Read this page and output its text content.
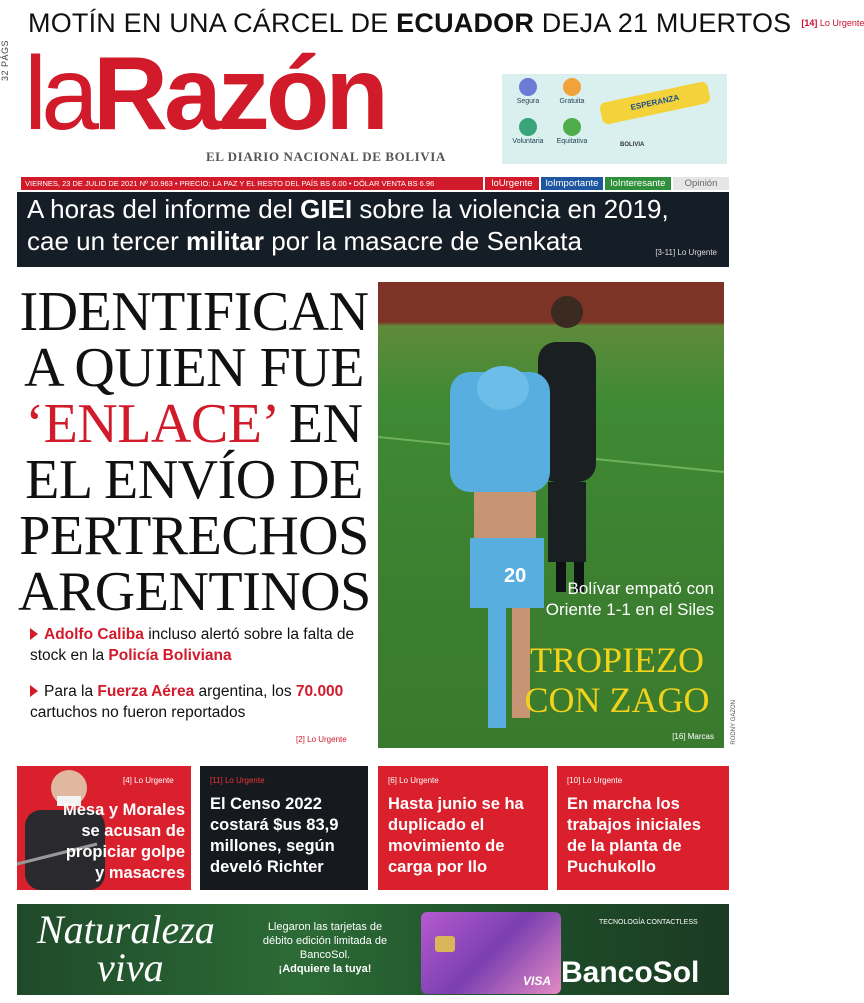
MOTÍN EN UNA CÁRCEL DE ECUADOR DEJA 21 MUERTOS [14] Lo Urgente
32 PÁGS laRazón
EL DIARIO NACIONAL DE BOLIVIA
Segura	Gratuita
Voluntaria	Equitativa
ESPERANZA
BOLIVIA
VIERNES, 23 DE JULIO DE 2021 Nº 10.963 • PRECIO: LA PAZ Y EL RESTO DEL PAÍS BS 6.00 • DÓLAR VENTA BS 6.96	loUrgente	loImportante	loInteresante	Opinión
A horas del informe del GIEI sobre la violencia en 2019,
cae un tercer militar por la masacre de Senkata	[3-11] Lo Urgente
IDENTIFICAN
A QUIEN FUE
‘ENLACE’ EN
EL ENVÍO DE
PERTRECHOS
ARGENTINOS
Adolfo Caliba incluso alertó sobre la falta de stock en la Policía Boliviana
Para la Fuerza Aérea argentina, los 70.000 cartuchos no fueron reportados
[2] Lo Urgente
20
Bolívar empató con
Oriente 1-1 en el Siles
TROPIEZO
CON ZAGO
[16] Marcas	RODNY GAZÓN
[4] Lo Urgente
Mesa y Morales se acusan de propiciar golpe y masacres
[11] Lo Urgente
El Censo 2022 costará $us 83,9 millones, según develó Richter
[6] Lo Urgente
Hasta junio se ha duplicado el movimiento de carga por Ilo
[10] Lo Urgente
En marcha los trabajos iniciales de la planta de Puchukollo
Naturaleza
viva
Llegaron las tarjetas de débito edición limitada de BancoSol.
¡Adquiere la tuya!
VISA
TECNOLOGÍA CONTACTLESS
BancoSol
